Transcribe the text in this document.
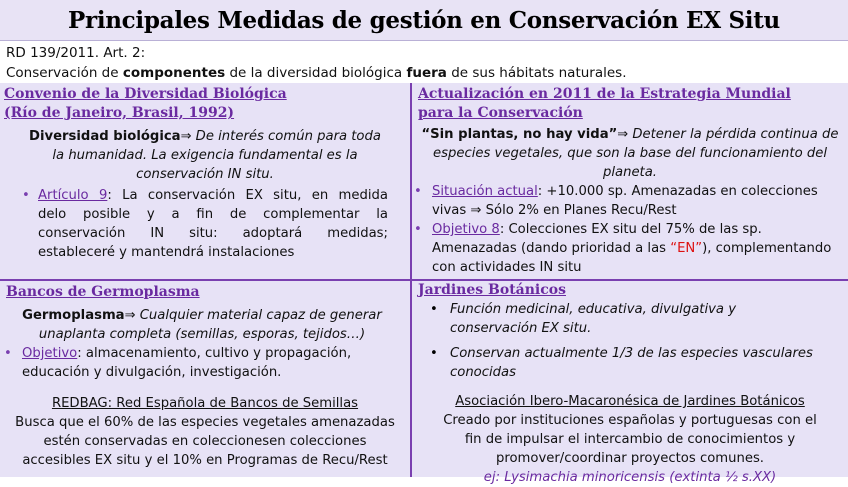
Principales Medidas de gestión en Conservación EX Situ
RD 139/2011. Art. 2:
Conservación de componentes de la diversidad biológica fuera de sus hábitats naturales.
Convenio de la Diversidad Biológica
(Río de Janeiro, Brasil, 1992)
Diversidad biológica⇒ De interés común para toda
la humanidad. La exigencia fundamental es la
conservación IN situ.
• Artículo 9: La conservación EX situ, en medida
delo posible y a fin de complementar la
conservación IN situ: adoptará medidas;
estableceré y mantendrá instalaciones
Actualización en 2011 de la Estrategia Mundial
para la Conservación
“Sin plantas, no hay vida”⇒ Detener la pérdida continua de
especies vegetales, que son la base del funcionamiento del
planeta.
• Situación actual: +10.000 sp. Amenazadas en colecciones
vivas ⇒ Sólo 2% en Planes Recu/Rest
• Objetivo 8: Colecciones EX situ del 75% de las sp.
Amenazadas (dando prioridad a las “EN”), complementando
con actividades IN situ
Bancos de Germoplasma
Germoplasma⇒ Cualquier material capaz de generar
unaplanta completa (semillas, esporas, tejidos…)
• Objetivo: almacenamiento, cultivo y propagación,
educación y divulgación, investigación.
REDBAG: Red Española de Bancos de Semillas
Busca que el 60% de las especies vegetales amenazadas
estén conservadas en coleccionesen colecciones
accesibles EX situ y el 10% en Programas de Recu/Rest
Jardines Botánicos
• Función medicinal, educativa, divulgativa y
conservación EX situ.
• Conservan actualmente 1/3 de las especies vasculares
conocidas
Asociación Ibero-Macaronésica de Jardines Botánicos
Creado por instituciones españolas y portuguesas con el
fin de impulsar el intercambio de conocimientos y
promover/coordinar proyectos comunes.
ej: Lysimachia minoricensis (extinta ½ s.XX)
